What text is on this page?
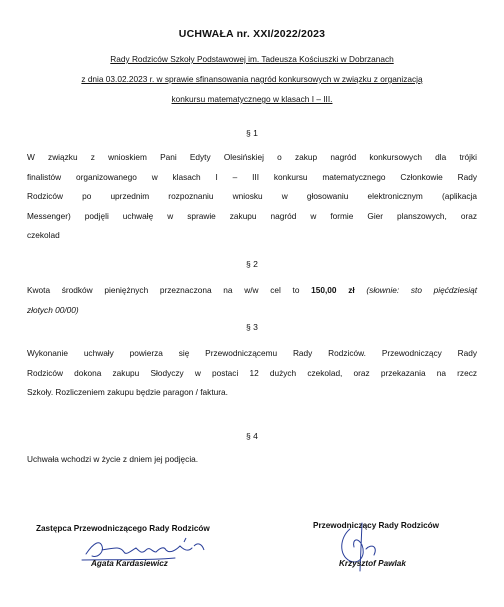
UCHWAŁA nr. XXI/2022/2023
Rady Rodziców Szkoły Podstawowej im. Tadeusza Kościuszki w Dobrzanach
z dnia 03.02.2023 r. w sprawie sfinansowania nagród konkursowych w związku z organizacją
konkursu matematycznego w klasach I – III.
§ 1
W związku z wnioskiem Pani Edyty Olesińskiej o zakup nagród konkursowych dla trójki
finalistów organizowanego w klasach I – III konkursu matematycznego Członkowie Rady
Rodziców po uprzednim rozpoznaniu wniosku w głosowaniu elektronicznym (aplikacja
Messenger) podjęli uchwałę w sprawie zakupu nagród w formie Gier planszowych, oraz
czekolad
§ 2
Kwota środków pieniężnych przeznaczona na w/w cel to 150,00 zł (słownie: sto pięćdziesiąt
złotych 00/00)
§ 3
Wykonanie uchwały powierza się Przewodniczącemu Rady Rodziców. Przewodniczący Rady
Rodziców dokona zakupu Słodyczy w postaci 12 dużych czekolad, oraz przekazania na rzecz
Szkoły. Rozliczeniem zakupu będzie paragon / faktura.
§ 4
Uchwała wchodzi w życie z dniem jej podjęcia.
Zastępca Przewodniczącego Rady Rodziców
Agata Kardasiewicz
Przewodniczący Rady Rodziców
Krzysztof Pawlak
